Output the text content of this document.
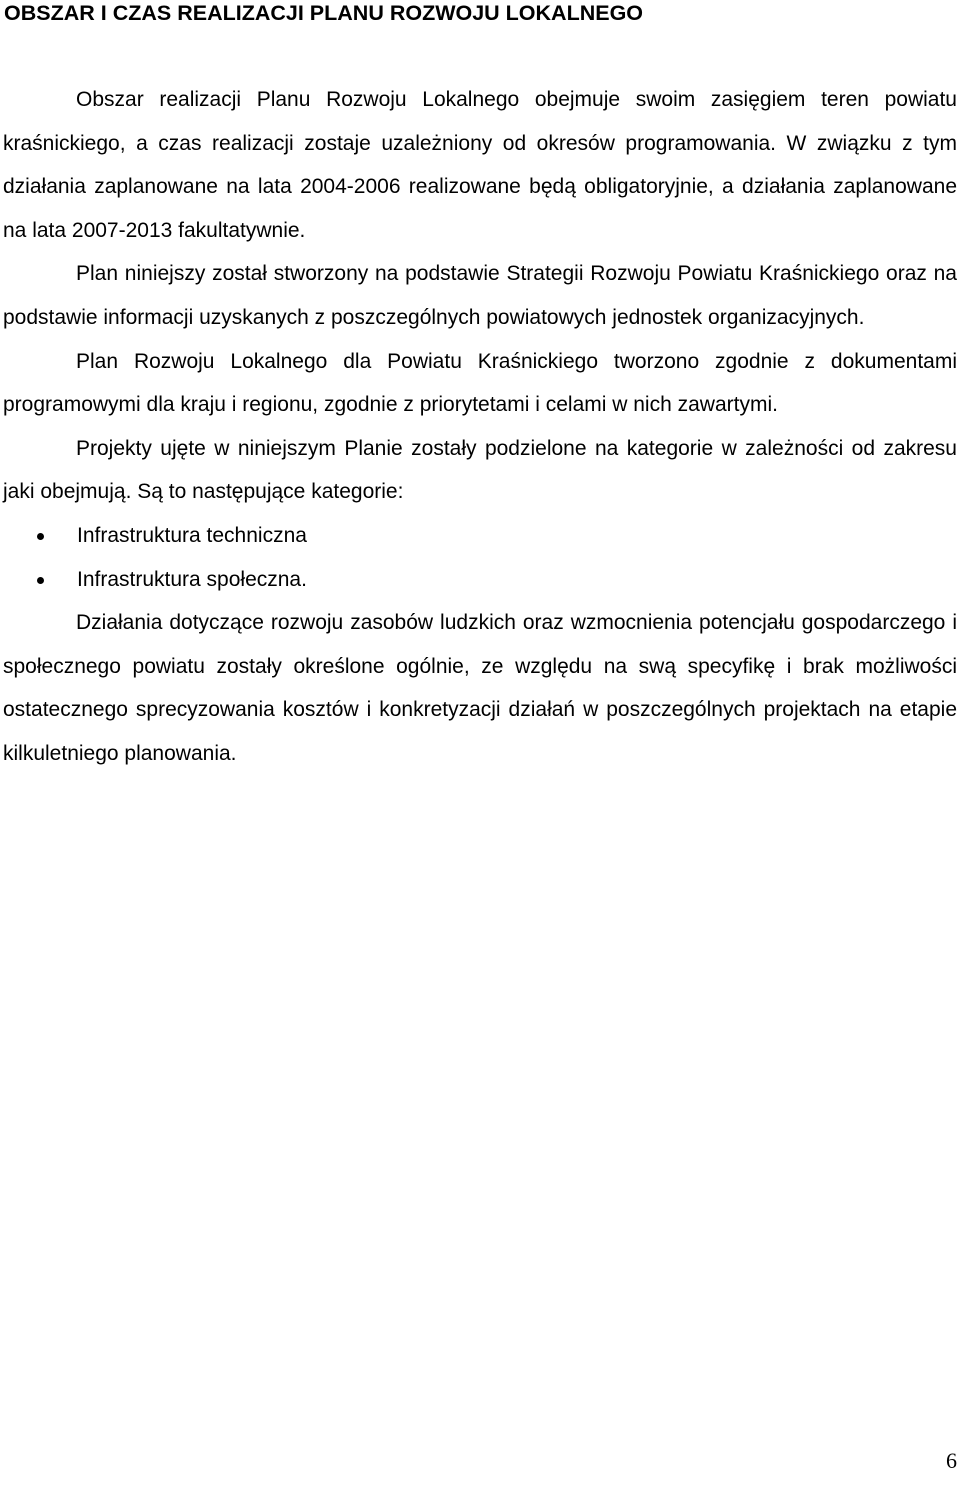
OBSZAR I CZAS REALIZACJI PLANU ROZWOJU LOKALNEGO

Obszar realizacji Planu Rozwoju Lokalnego obejmuje swoim zasięgiem teren powiatu kraśnickiego, a czas realizacji zostaje uzależniony od okresów programowania. W związku z tym działania zaplanowane na lata 2004-2006 realizowane będą obligatoryjnie, a działania zaplanowane na lata 2007-2013 fakultatywnie.

Plan niniejszy został stworzony na podstawie Strategii Rozwoju Powiatu Kraśnickiego oraz na podstawie informacji uzyskanych z poszczególnych powiatowych jednostek organizacyjnych.

Plan Rozwoju Lokalnego dla Powiatu Kraśnickiego tworzono zgodnie z dokumentami programowymi dla kraju i regionu, zgodnie z priorytetami i celami w nich zawartymi.

Projekty ujęte w niniejszym Planie zostały podzielone na kategorie w zależności od zakresu jaki obejmują. Są to następujące kategorie:

Infrastruktura techniczna
Infrastruktura społeczna.

Działania dotyczące rozwoju zasobów ludzkich oraz wzmocnienia potencjału gospodarczego i społecznego powiatu zostały określone ogólnie, ze względu na swą specyfikę i brak możliwości ostatecznego sprecyzowania kosztów i konkretyzacji działań w poszczególnych projektach na etapie kilkuletniego planowania.

6
